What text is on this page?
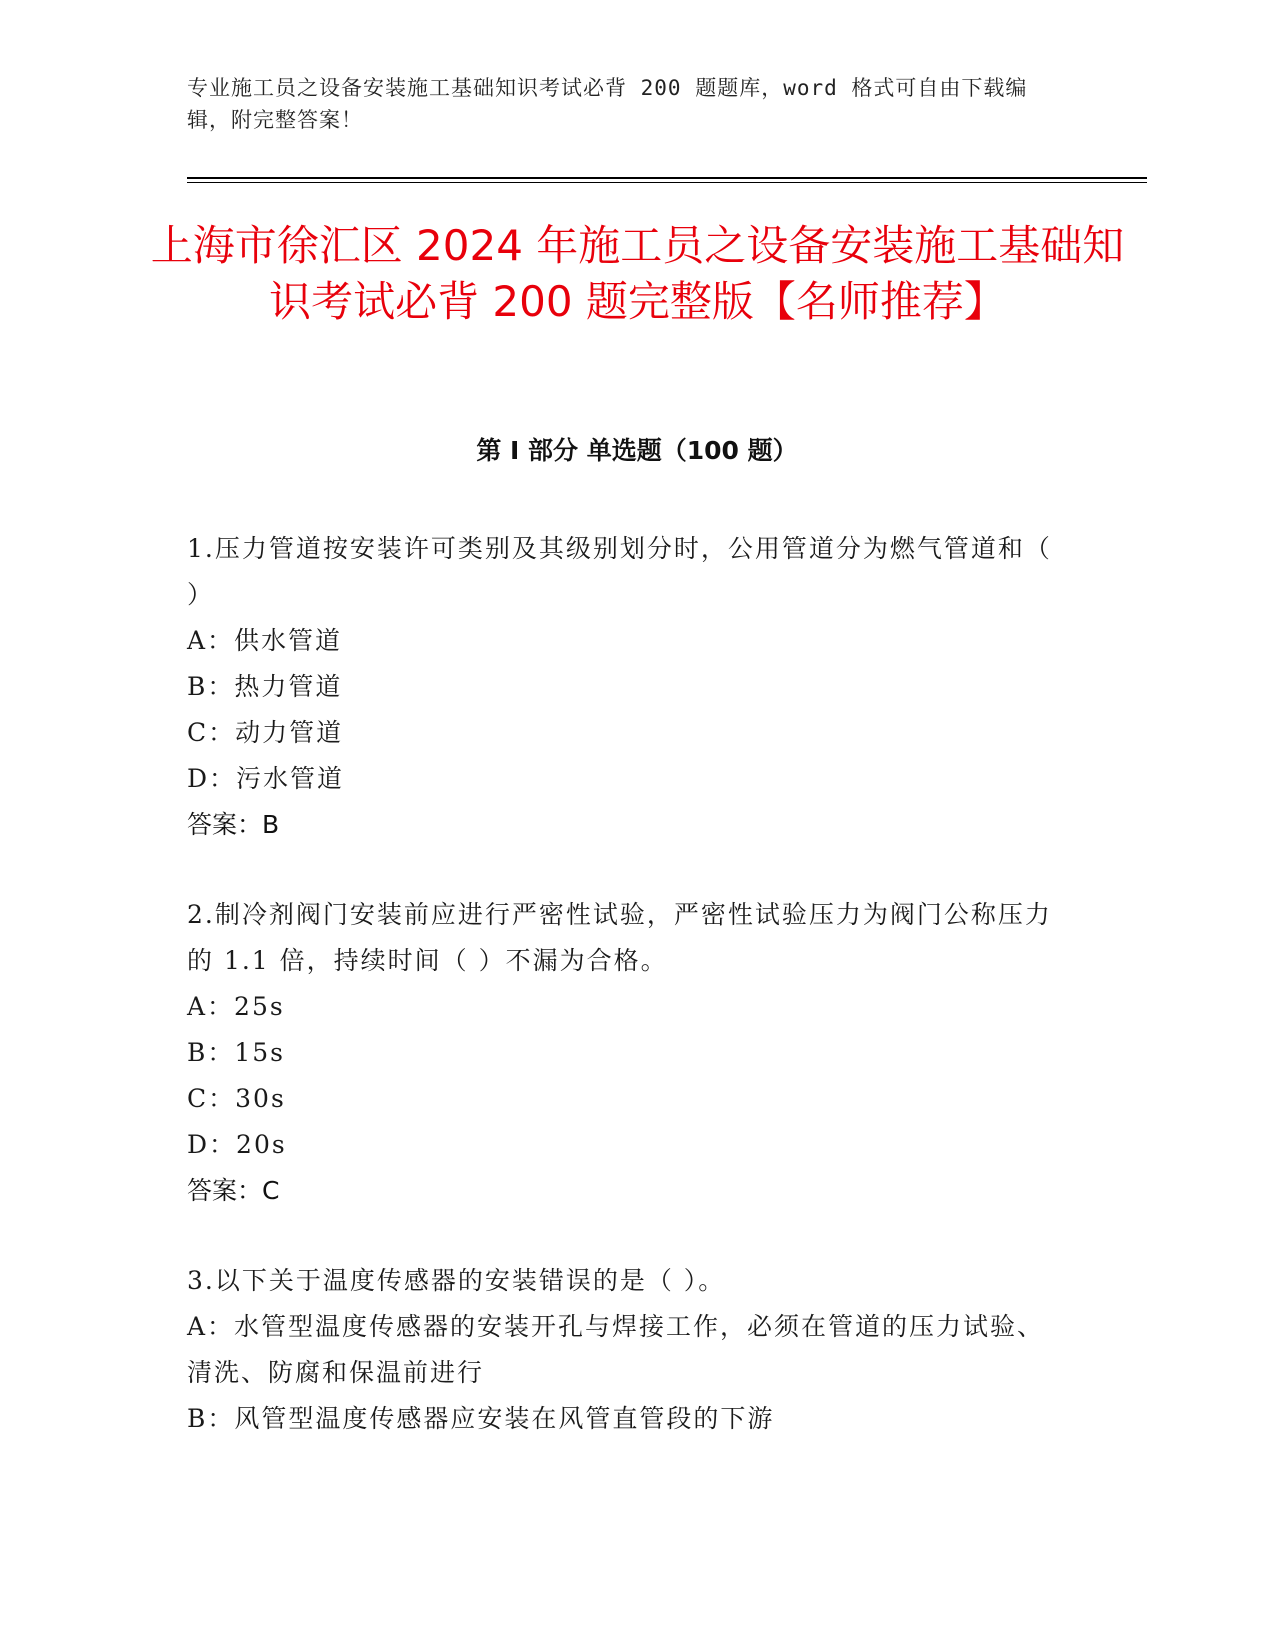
专业施工员之设备安装施工基础知识考试必背 200 题题库，word 格式可自由下载编辑，附完整答案！
上海市徐汇区 2024 年施工员之设备安装施工基础知识考试必背 200 题完整版【名师推荐】
第 I 部分 单选题（100 题）
1.压力管道按安装许可类别及其级别划分时，公用管道分为燃气管道和（ ）
A：供水管道
B：热力管道
C：动力管道
D：污水管道
答案：B
2.制冷剂阀门安装前应进行严密性试验，严密性试验压力为阀门公称压力的 1.1 倍，持续时间（ ）不漏为合格。
A：25s
B：15s
C：30s
D：20s
答案：C
3.以下关于温度传感器的安装错误的是（ ）。
A：水管型温度传感器的安装开孔与焊接工作，必须在管道的压力试验、清洗、防腐和保温前进行
B：风管型温度传感器应安装在风管直管段的下游
